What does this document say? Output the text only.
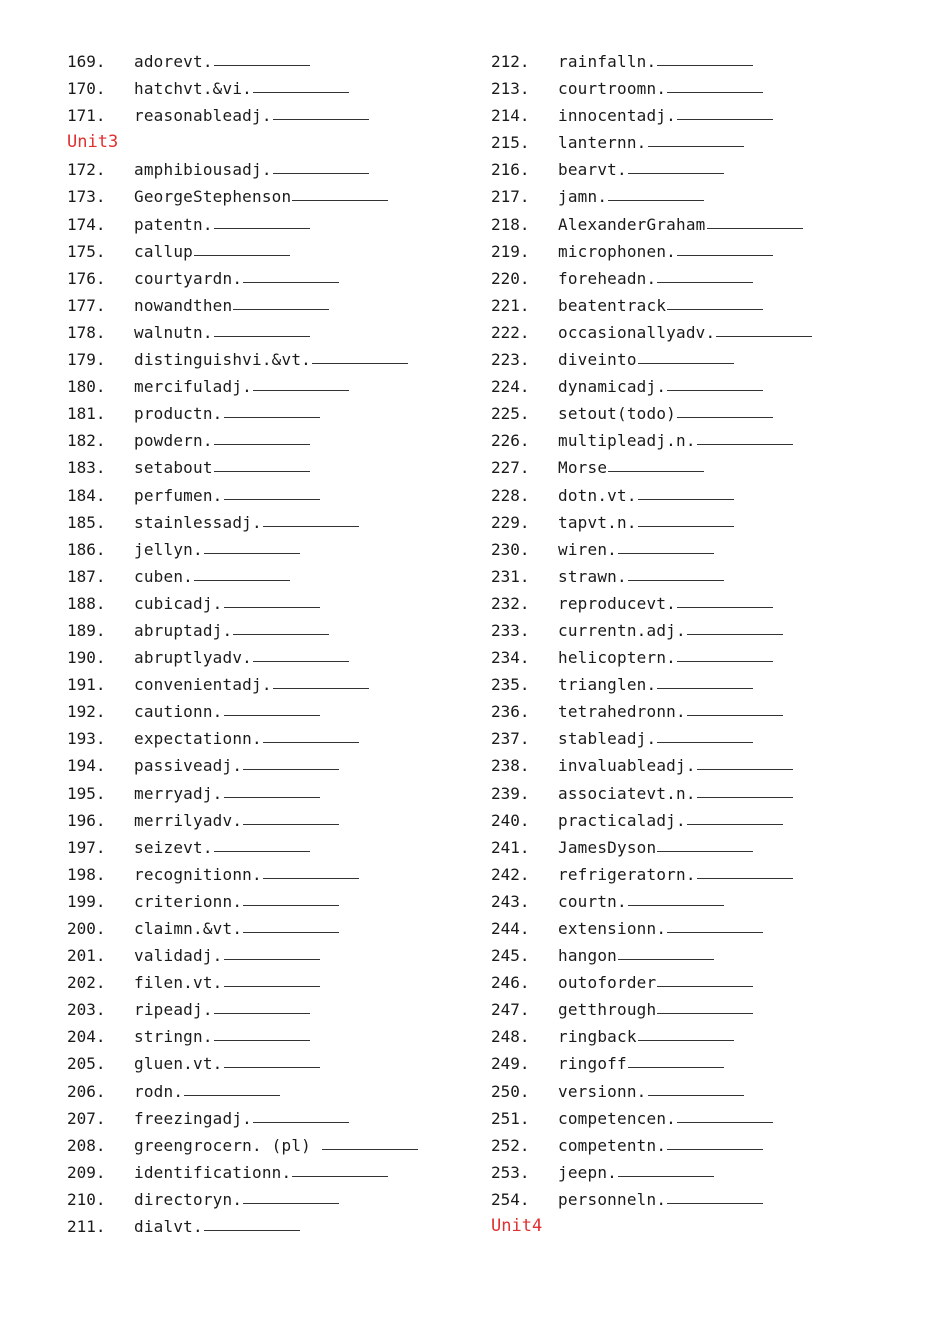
169. adorevt.
170. hatchvt.&vi.
171. reasonableadj.
Unit3
172. amphibiousadj.
173. GeorgeStephenson
174. patentn.
175. callup
176. courtyardn.
177. nowandthen
178. walnutn.
179. distinguishvi.&vt.
180. mercifuladj.
181. productn.
182. powdern.
183. setabout
184. perfumen.
185. stainlessadj.
186. jellyn.
187. cuben.
188. cubicadj.
189. abruptadj.
190. abruptlyadv.
191. convenientadj.
192. cautionn.
193. expectationn.
194. passiveadj.
195. merryadj.
196. merrilyadv.
197. seizevt.
198. recognitionn.
199. criterionn.
200. claimn.&vt.
201. validadj.
202. filen.vt.
203. ripeadj.
204. stringn.
205. gluen.vt.
206. rodn.
207. freezingadj.
208. greengrocern. (pl)
209. identificationn.
210. directoryn.
211. dialvt.
212. rainfalln.
213. courtroomn.
214. innocentadj.
215. lanternn.
216. bearvt.
217. jamn.
218. AlexanderGraham
219. microphonen.
220. foreheadn.
221. beatentrack
222. occasionallyadv.
223. diveinto
224. dynamicadj.
225. setout(todo)
226. multipleadj.n.
227. Morse
228. dotn.vt.
229. tapvt.n.
230. wiren.
231. strawn.
232. reproducevt.
233. currentn.adj.
234. helicoptern.
235. trianglen.
236. tetrahedronn.
237. stableadj.
238. invaluableadj.
239. associatevt.n.
240. practicaladj.
241. JamesDyson
242. refrigeratorn.
243. courtn.
244. extensionn.
245. hangon
246. outoforder
247. getthrough
248. ringback
249. ringoff
250. versionn.
251. competencen.
252. competentn.
253. jeepn.
254. personneln.
Unit4
